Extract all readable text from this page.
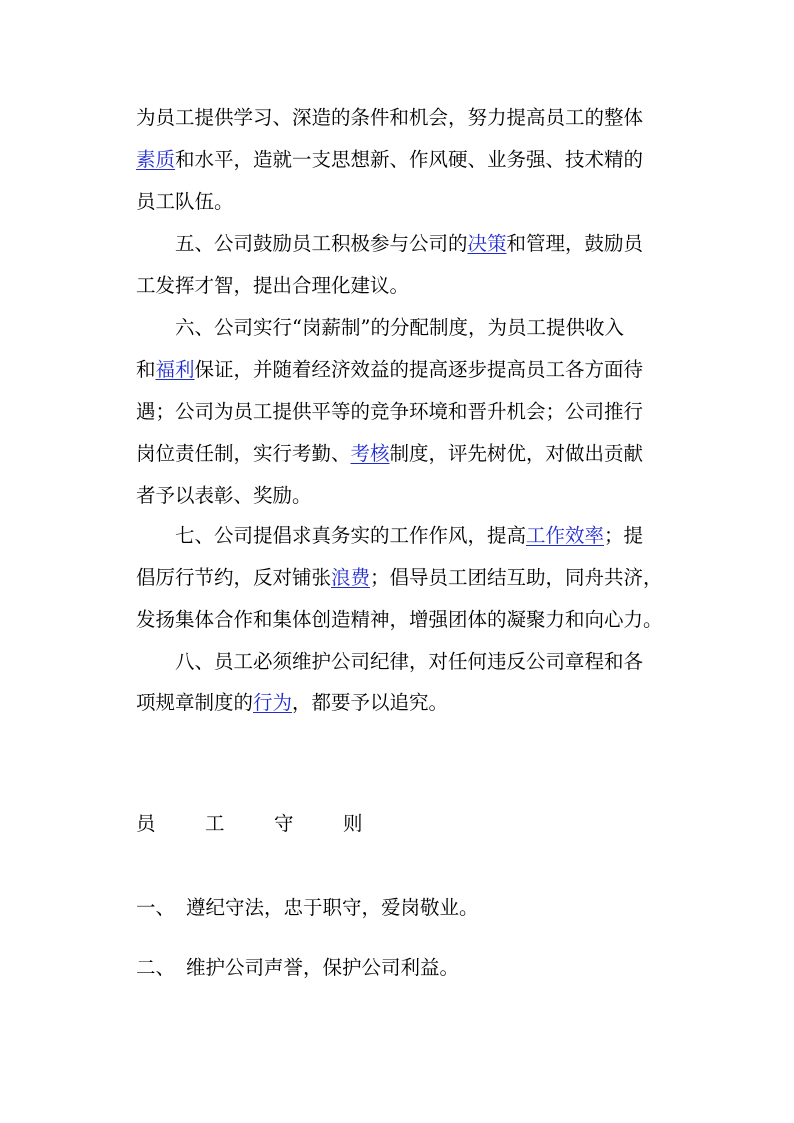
为员工提供学习、深造的条件和机会，努力提高员工的整体
素质和水平，造就一支思想新、作风硬、业务强、技术精的
员工队伍。
五、公司鼓励员工积极参与公司的决策和管理，鼓励员
工发挥才智，提出合理化建议。
六、公司实行“岗薪制”的分配制度，为员工提供收入
和福利保证，并随着经济效益的提高逐步提高员工各方面待
遇；公司为员工提供平等的竞争环境和晋升机会；公司推行
岗位责任制，实行考勤、考核制度，评先树优，对做出贡献
者予以表彰、奖励。
七、公司提倡求真务实的工作作风，提高工作效率；提
倡厉行节约，反对铺张浪费；倡导员工团结互助，同舟共济，
发扬集体合作和集体创造精神，增强团体的凝聚力和向心力。
八、员工必须维护公司纪律，对任何违反公司章程和各
项规章制度的行为，都要予以追究。
员	工	守	则
一、 遵纪守法，忠于职守，爱岗敬业。
二、 维护公司声誉，保护公司利益。
